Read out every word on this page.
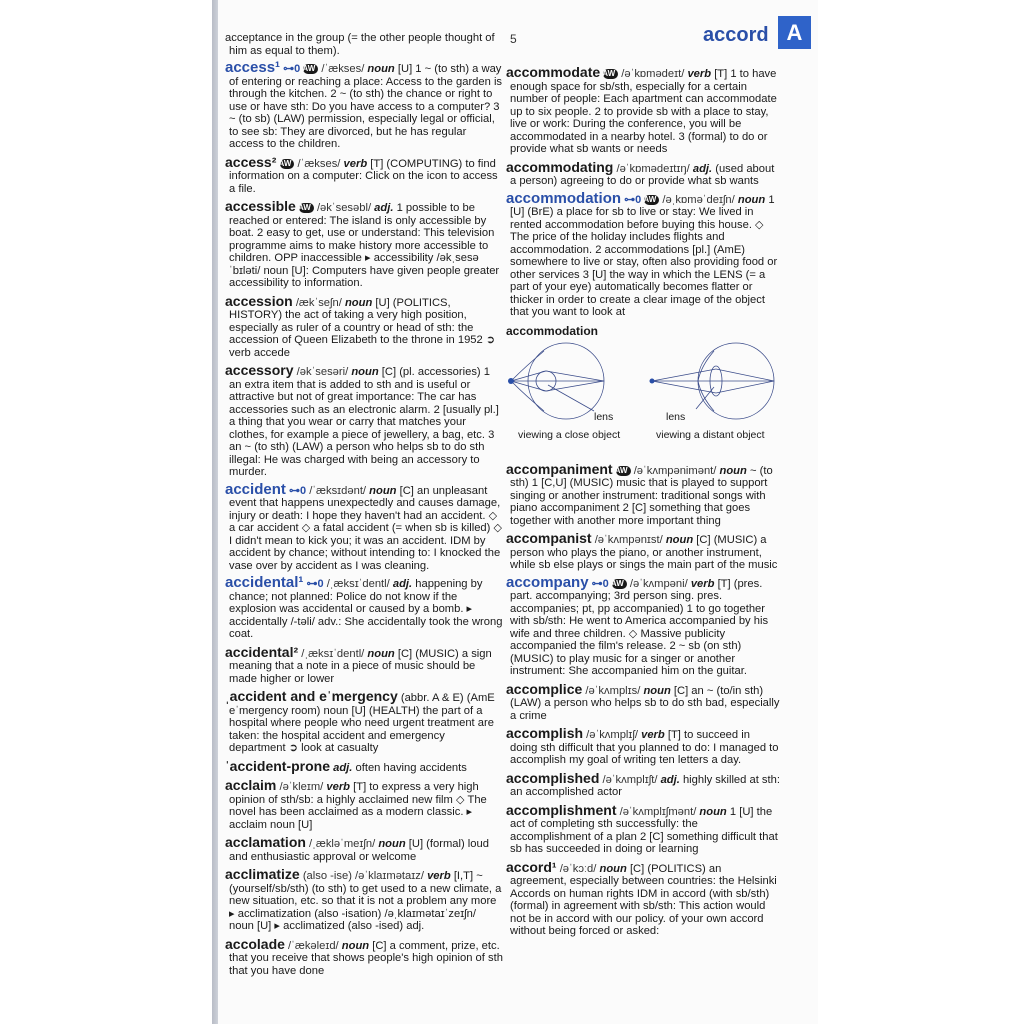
5	accord A
acceptance in the group (= the other people thought of him as equal to them).
access¹ ⊶0 AW /ˈækses/ noun [U] 1 ~ (to sth) a way of entering or reaching a place: Access to the garden is through the kitchen. 2 ~ (to sth) the chance or right to use or have sth: Do you have access to a computer? 3 ~ (to sb) (LAW) permission, especially legal or official, to see sb: They are divorced, but he has regular access to the children.
access² AW /ˈækses/ verb [T] (COMPUTING) to find information on a computer: Click on the icon to access a file.
accessible AW /əkˈsesəbl/ adj. 1 possible to be reached or entered: The island is only accessible by boat. 2 easy to get, use or understand: This television programme aims to make history more accessible to children. OPP inaccessible ▸ accessibility /əkˌsesəˈbɪləti/ noun [U]: Computers have given people greater accessibility to information.
accession /ækˈseʃn/ noun [U] (POLITICS, HISTORY) the act of taking a very high position, especially as ruler of a country or head of sth: the accession of Queen Elizabeth to the throne in 1952 ➲ verb accede
accessory /əkˈsesəri/ noun [C] (pl. accessories) 1 an extra item that is added to sth and is useful or attractive but not of great importance: The car has accessories such as an electronic alarm. 2 [usually pl.] a thing that you wear or carry that matches your clothes, for example a piece of jewellery, a bag, etc. 3 an ~ (to sth) (LAW) a person who helps sb to do sth illegal: He was charged with being an accessory to murder.
accident ⊶0 /ˈæksɪdənt/ noun [C] an unpleasant event that happens unexpectedly and causes damage, injury or death: I hope they haven't had an accident. ◇ a car accident ◇ a fatal accident (= when sb is killed) ◇ I didn't mean to kick you; it was an accident. IDM by accident by chance; without intending to: I knocked the vase over by accident as I was cleaning.
accidental¹ ⊶0 /ˌæksɪˈdentl/ adj. happening by chance; not planned: Police do not know if the explosion was accidental or caused by a bomb. ▸ accidentally /-təli/ adv.: She accidentally took the wrong coat.
accidental² /ˌæksɪˈdentl/ noun [C] (MUSIC) a sign meaning that a note in a piece of music should be made higher or lower
ˌaccident and eˈmergency (abbr. A & E) (AmE eˈmergency room) noun [U] (HEALTH) the part of a hospital where people who need urgent treatment are taken: the hospital accident and emergency department ➲ look at casualty
ˈaccident-prone adj. often having accidents
acclaim /əˈkleɪm/ verb [T] to express a very high opinion of sth/sb: a highly acclaimed new film ◇ The novel has been acclaimed as a modern classic. ▸ acclaim noun [U]
acclamation /ˌækləˈmeɪʃn/ noun [U] (formal) loud and enthusiastic approval or welcome
acclimatize (also -ise) /əˈklaɪmətaɪz/ verb [I,T] ~ (yourself/sb/sth) (to sth) to get used to a new climate, a new situation, etc. so that it is not a problem any more ▸ acclimatization (also -isation) /əˌklaɪmətaɪˈzeɪʃn/ noun [U] ▸ acclimatized (also -ised) adj.
accolade /ˈækəleɪd/ noun [C] a comment, prize, etc. that you receive that shows people's high opinion of sth that you have done
accommodate AW /əˈkɒmədeɪt/ verb [T] 1 to have enough space for sb/sth, especially for a certain number of people: Each apartment can accommodate up to six people. 2 to provide sb with a place to stay, live or work: During the conference, you will be accommodated in a nearby hotel. 3 (formal) to do or provide what sb wants or needs
accommodating /əˈkɒmədeɪtɪŋ/ adj. (used about a person) agreeing to do or provide what sb wants
accommodation ⊶0 AW /əˌkɒməˈdeɪʃn/ noun 1 [U] (BrE) a place for sb to live or stay: We lived in rented accommodation before buying this house. ◇ The price of the holiday includes flights and accommodation. 2 accommodations [pl.] (AmE) somewhere to live or stay, often also providing food or other services 3 [U] the way in which the LENS (= a part of your eye) automatically becomes flatter or thicker in order to create a clear image of the object that you want to look at
accommodation
lens	lens
viewing a close object	viewing a distant object
accompaniment AW /əˈkʌmpənimənt/ noun ~ (to sth) 1 [C,U] (MUSIC) music that is played to support singing or another instrument: traditional songs with piano accompaniment 2 [C] something that goes together with another more important thing
accompanist /əˈkʌmpənɪst/ noun [C] (MUSIC) a person who plays the piano, or another instrument, while sb else plays or sings the main part of the music
accompany ⊶0 AW /əˈkʌmpəni/ verb [T] (pres. part. accompanying; 3rd person sing. pres. accompanies; pt, pp accompanied) 1 to go together with sb/sth: He went to America accompanied by his wife and three children. ◇ Massive publicity accompanied the film's release. 2 ~ sb (on sth) (MUSIC) to play music for a singer or another instrument: She accompanied him on the guitar.
accomplice /əˈkʌmplɪs/ noun [C] an ~ (to/in sth) (LAW) a person who helps sb to do sth bad, especially a crime
accomplish /əˈkʌmplɪʃ/ verb [T] to succeed in doing sth difficult that you planned to do: I managed to accomplish my goal of writing ten letters a day.
accomplished /əˈkʌmplɪʃt/ adj. highly skilled at sth: an accomplished actor
accomplishment /əˈkʌmplɪʃmənt/ noun 1 [U] the act of completing sth successfully: the accomplishment of a plan 2 [C] something difficult that sb has succeeded in doing or learning
accord¹ /əˈkɔːd/ noun [C] (POLITICS) an agreement, especially between countries: the Helsinki Accords on human rights IDM in accord (with sb/sth) (formal) in agreement with sb/sth: This action would not be in accord with our policy. of your own accord without being forced or asked:
